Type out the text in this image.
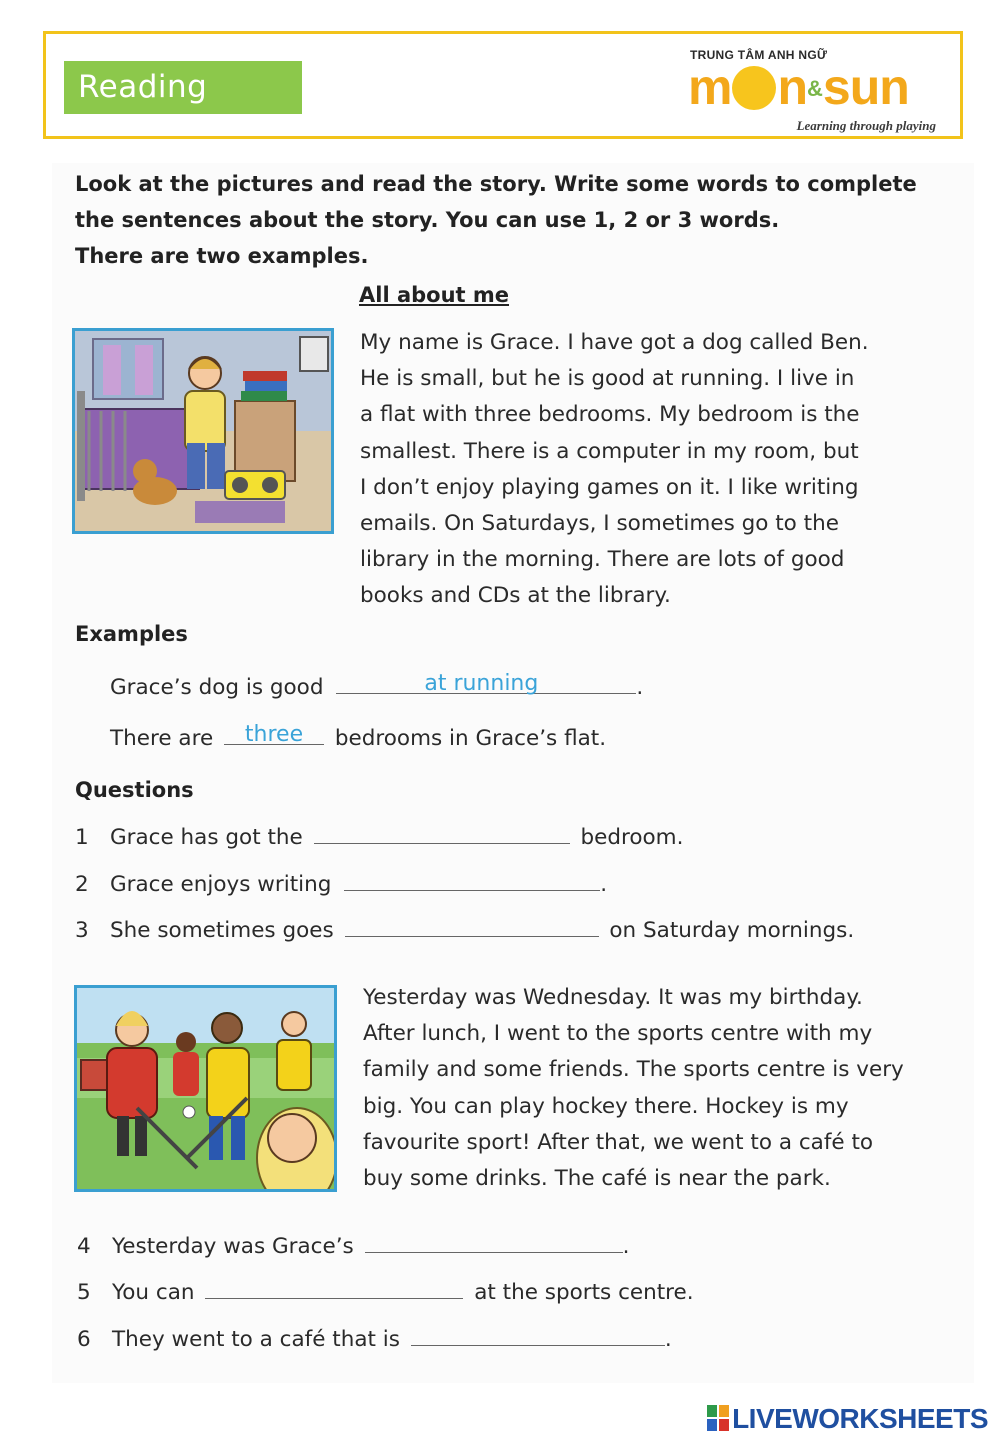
Reading
TRUNG TÂM ANH NGỮ
m n&sun
Learning through playing
Look at the pictures and read the story. Write some words to complete
the sentences about the story. You can use 1, 2 or 3 words.
There are two examples.
All about me
My name is Grace. I have got a dog called Ben.
He is small, but he is good at running. I live in
a flat with three bedrooms. My bedroom is the
smallest. There is a computer in my room, but
I don’t enjoy playing games on it. I like writing
emails. On Saturdays, I sometimes go to the
library in the morning. There are lots of good
books and CDs at the library.
Examples
Grace’s dog is good	at running	.
There are	three	bedrooms in Grace’s flat.
Questions
1 Grace has got the	bedroom.
2 Grace enjoys writing	.
3 She sometimes goes	on Saturday mornings.
Yesterday was Wednesday. It was my birthday.
After lunch, I went to the sports centre with my
family and some friends. The sports centre is very
big. You can play hockey there. Hockey is my
favourite sport! After that, we went to a café to
buy some drinks. The café is near the park.
4 Yesterday was Grace’s	.
5 You can	at the sports centre.
6 They went to a café that is	.
LIVEWORKSHEETS
